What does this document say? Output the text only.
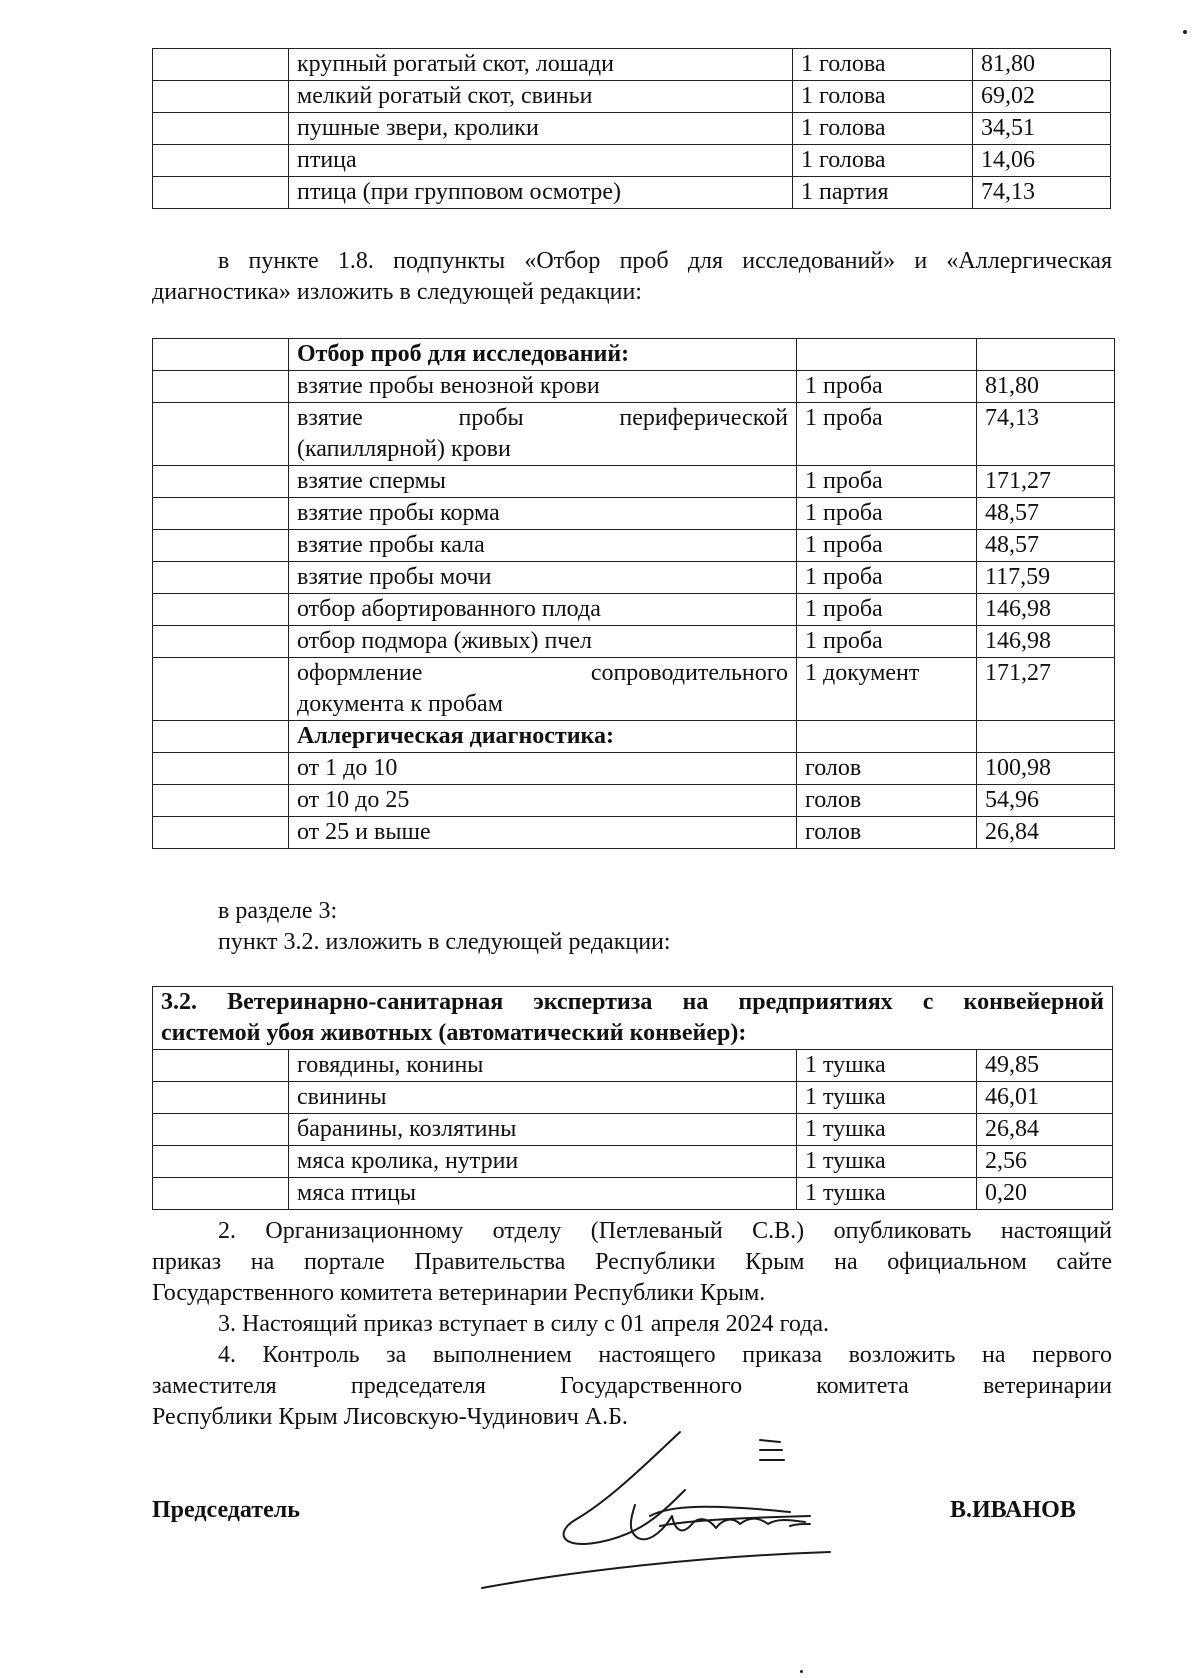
	крупный рогатый скот, лошади	1 голова	81,80
	мелкий рогатый скот, свиньи	1 голова	69,02
	пушные звери, кролики	1 голова	34,51
	птица	1 голова	14,06
	птица (при групповом осмотре)	1 партия	74,13
в пункте 1.8. подпункты «Отбор проб для исследований» и «Аллергическая
диагностика» изложить в следующей редакции:
	Отбор проб для исследований:		
	взятие пробы венозной крови	1 проба	81,80

	взятие пробы периферической
(капиллярной) крови	1 проба	74,13
	взятие спермы	1 проба	171,27
	взятие пробы корма	1 проба	48,57
	взятие пробы кала	1 проба	48,57
	взятие пробы мочи	1 проба	117,59
	отбор абортированного плода	1 проба	146,98
	отбор подмора (живых) пчел	1 проба	146,98

	оформление сопроводительного
документа к пробам	1 документ	171,27
	Аллергическая диагностика:		
	от 1 до 10	голов	100,98
	от 10 до 25	голов	54,96
	от 25 и выше	голов	26,84
в разделе 3:
пункт 3.2. изложить в следующей редакции:
3.2. Ветеринарно-санитарная экспертиза на предприятиях с конвейерной
системой убоя животных (автоматический конвейер):			

	говядины, конины	1 тушка	49,85
	свинины	1 тушка	46,01
	баранины, козлятины	1 тушка	26,84
	мяса кролика, нутрии	1 тушка	2,56
	мяса птицы	1 тушка	0,20
2. Организационному отделу (Петлеваный С.В.) опубликовать настоящий
приказ на портале Правительства Республики Крым на официальном сайте
Государственного комитета ветеринарии Республики Крым.
3. Настоящий приказ вступает в силу с 01 апреля 2024 года.
4. Контроль за выполнением настоящего приказа возложить на первого
заместителя председателя Государственного комитета ветеринарии
Республики Крым Лисовскую-Чудинович А.Б.
Председатель	В.ИВАНОВ
